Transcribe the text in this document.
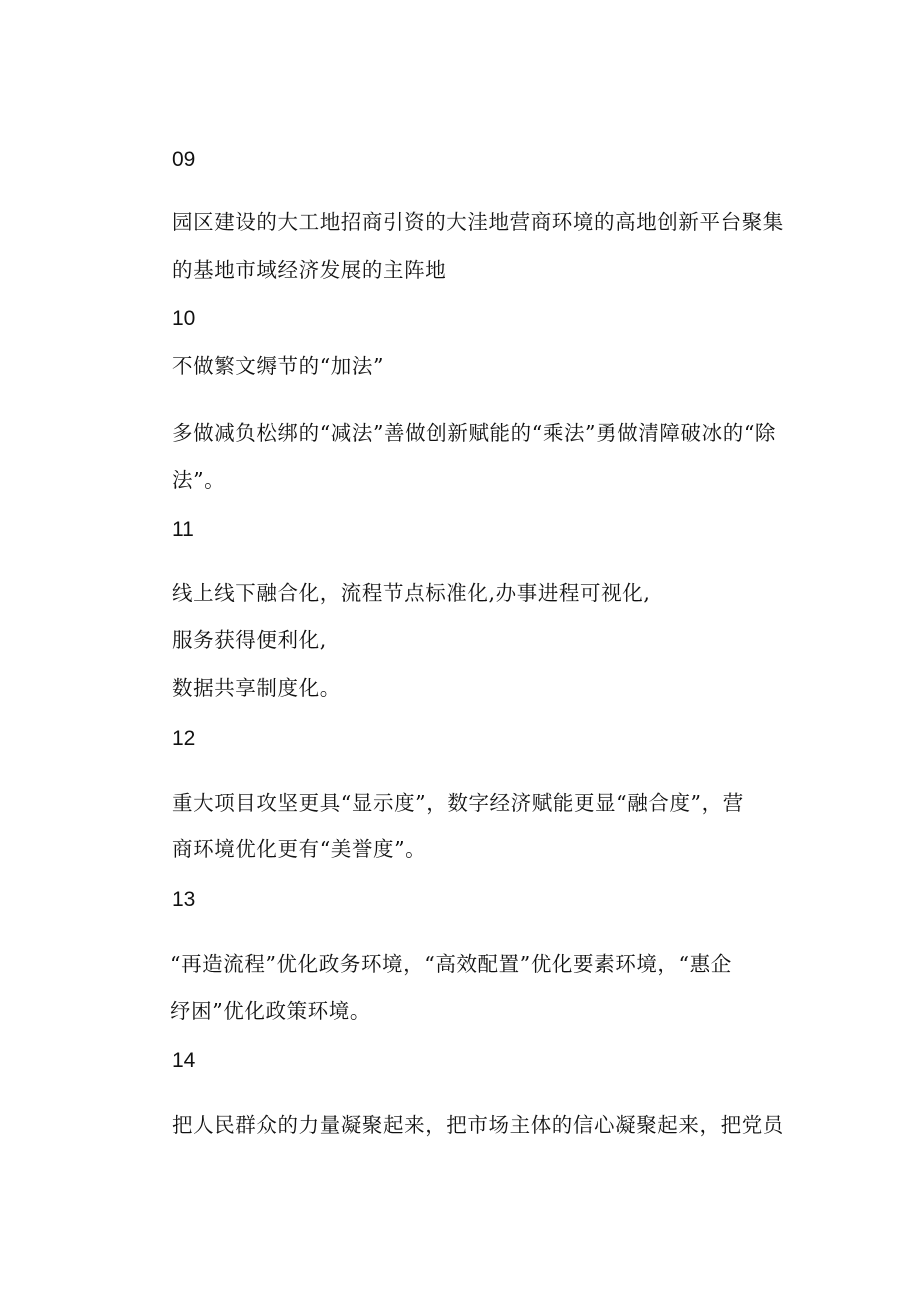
09
园区建设的大工地招商引资的大洼地营商环境的高地创新平台聚集
的基地市域经济发展的主阵地
10
不做繁文缛节的“加法”
多做减负松绑的“减法”善做创新赋能的“乘法”勇做清障破冰的“除
法”。
11
线上线下融合化，流程节点标准化,办事进程可视化,
服务获得便利化,
数据共享制度化。
12
重大项目攻坚更具“显示度”，数字经济赋能更显“融合度”，营
商环境优化更有“美誉度”。
13
“再造流程”优化政务环境，“高效配置”优化要素环境，“惠企
纾困”优化政策环境。
14
把人民群众的力量凝聚起来，把市场主体的信心凝聚起来，把党员
